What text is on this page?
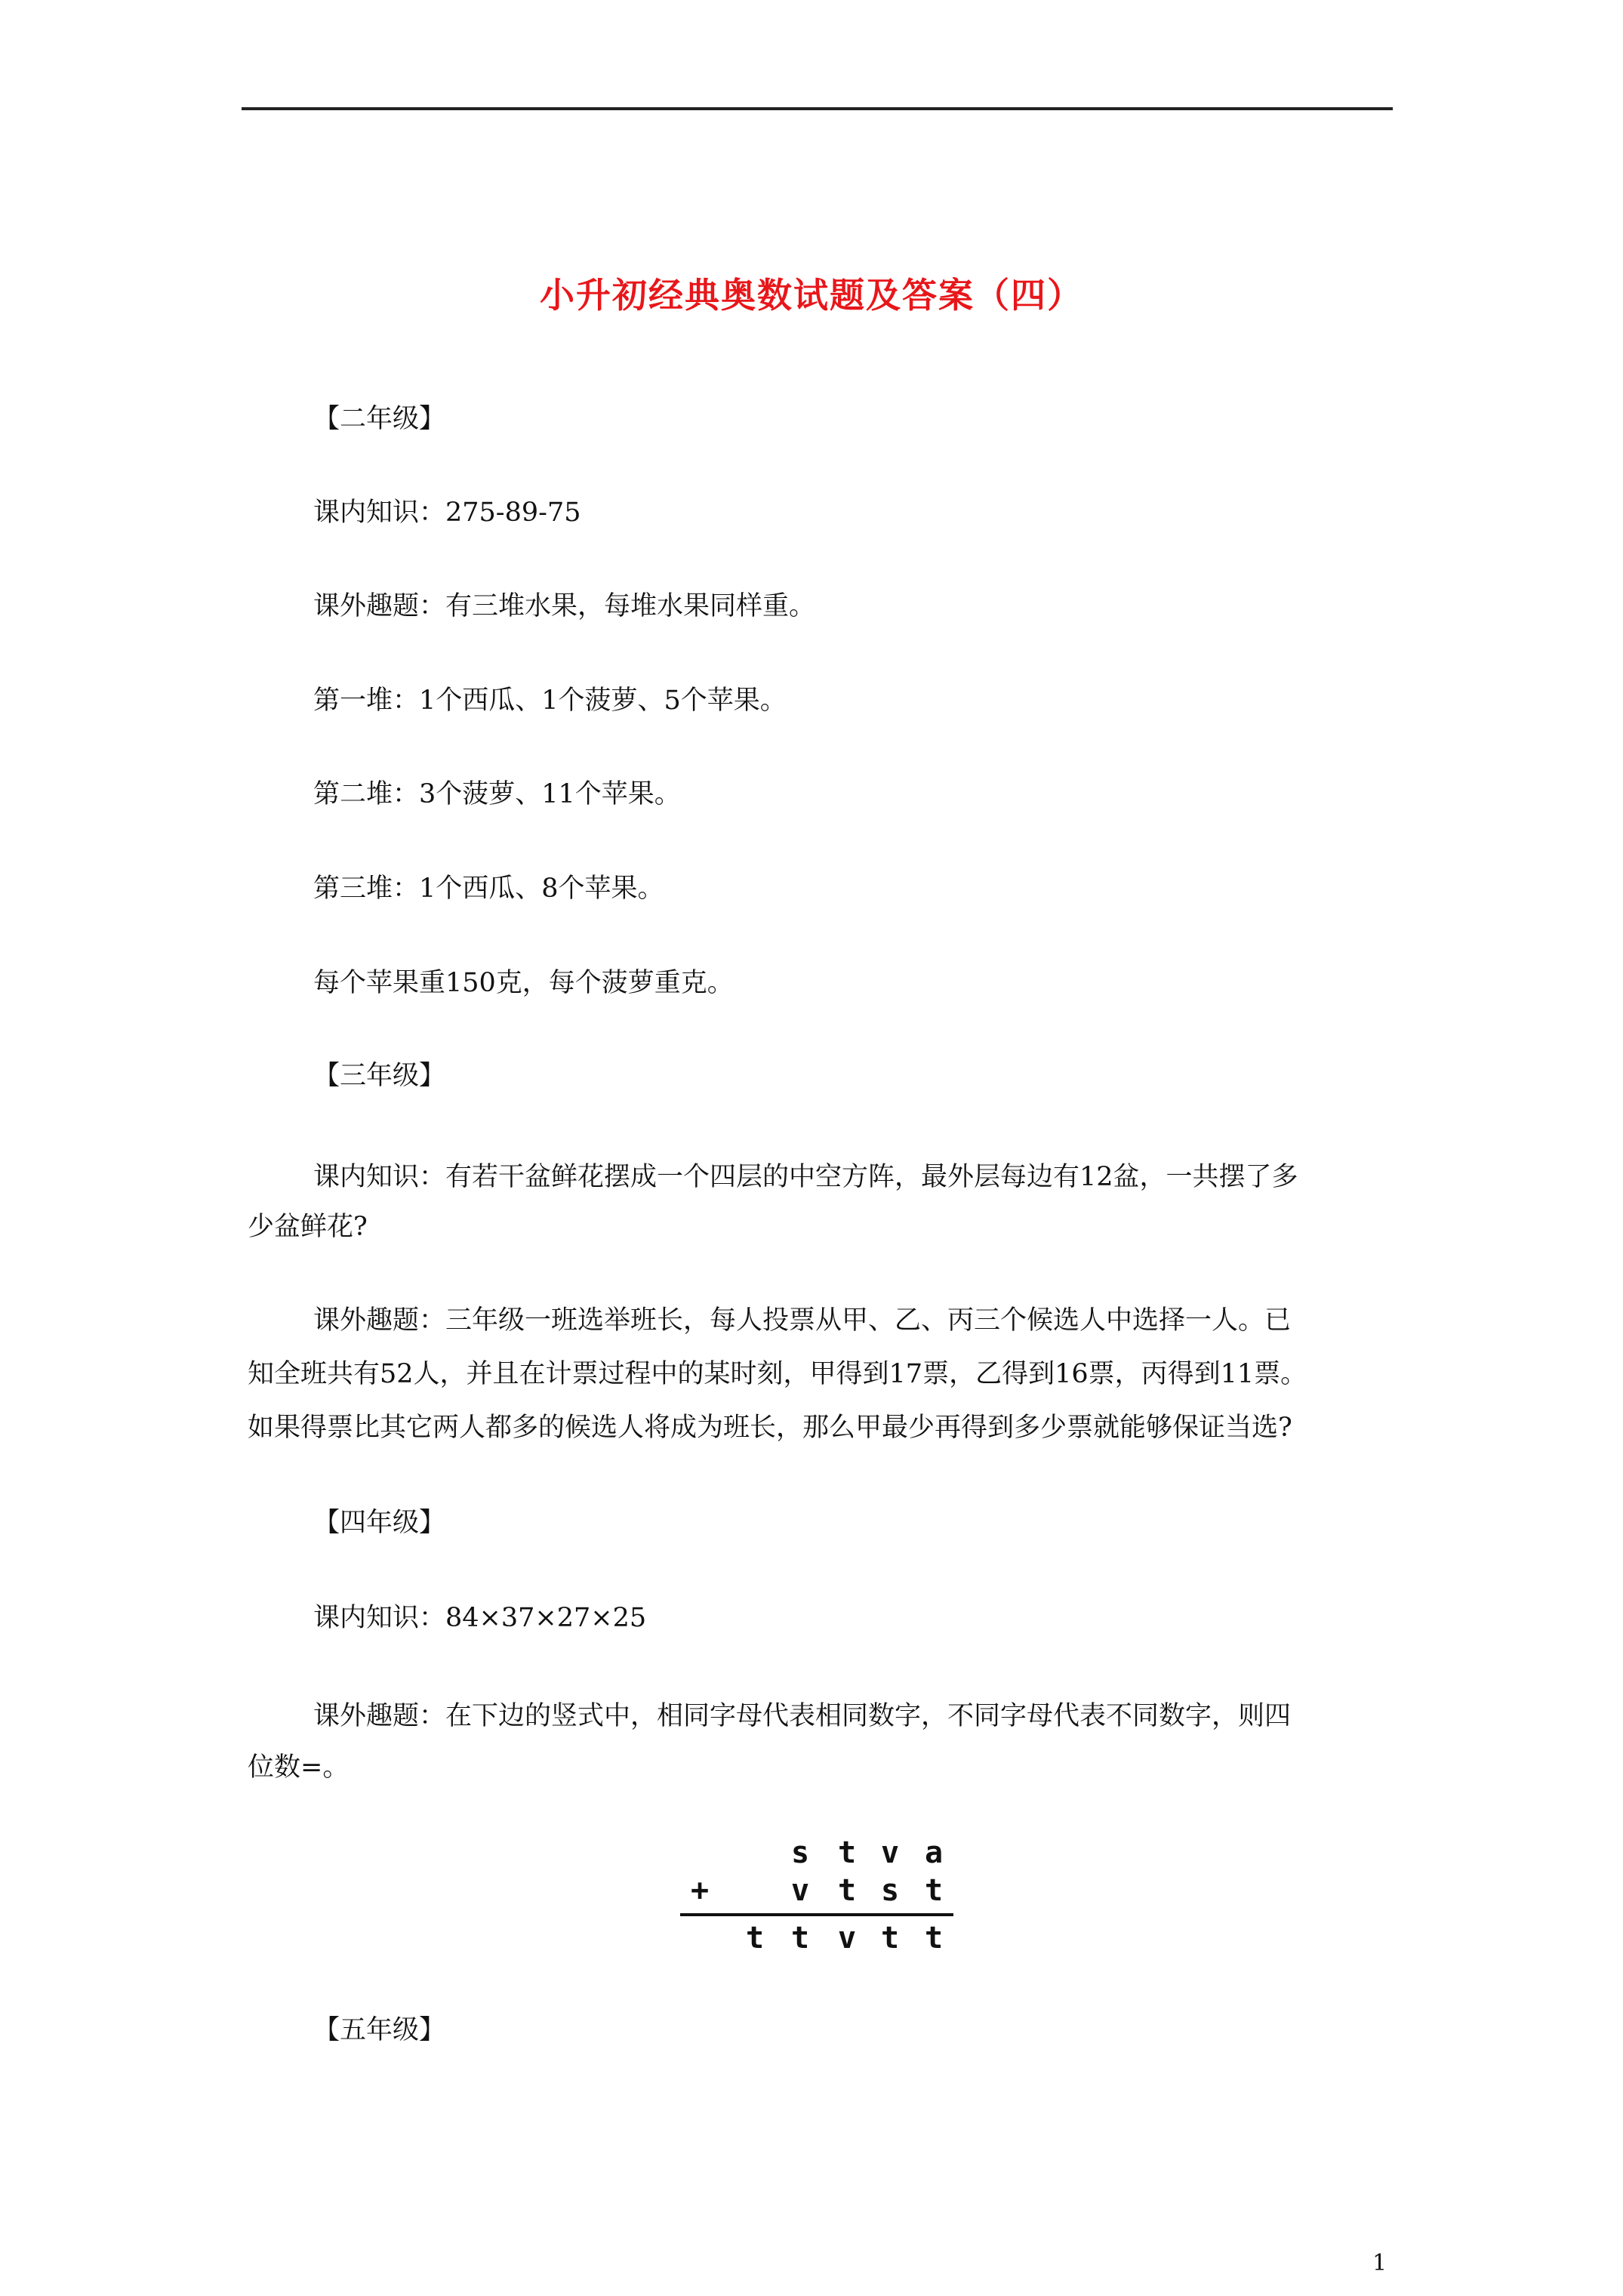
小升初经典奥数试题及答案（四）
【二年级】
课内知识：275-89-75
课外趣题：有三堆水果，每堆水果同样重。
第一堆：1个西瓜、1个菠萝、5个苹果。
第二堆：3个菠萝、11个苹果。
第三堆：1个西瓜、8个苹果。
每个苹果重150克，每个菠萝重克。
【三年级】
课内知识：有若干盆鲜花摆成一个四层的中空方阵，最外层每边有12盆，一共摆了多
少盆鲜花?
课外趣题：三年级一班选举班长，每人投票从甲、乙、丙三个候选人中选择一人。已
知全班共有52人，并且在计票过程中的某时刻，甲得到17票，乙得到16票，丙得到11票。
如果得票比其它两人都多的候选人将成为班长，那么甲最少再得到多少票就能够保证当选?
【四年级】
课内知识：84×37×27×25
课外趣题：在下边的竖式中，相同字母代表相同数字，不同字母代表不同数字，则四
位数=。
s t v a
+	v t s t
t t v t t
【五年级】
1
